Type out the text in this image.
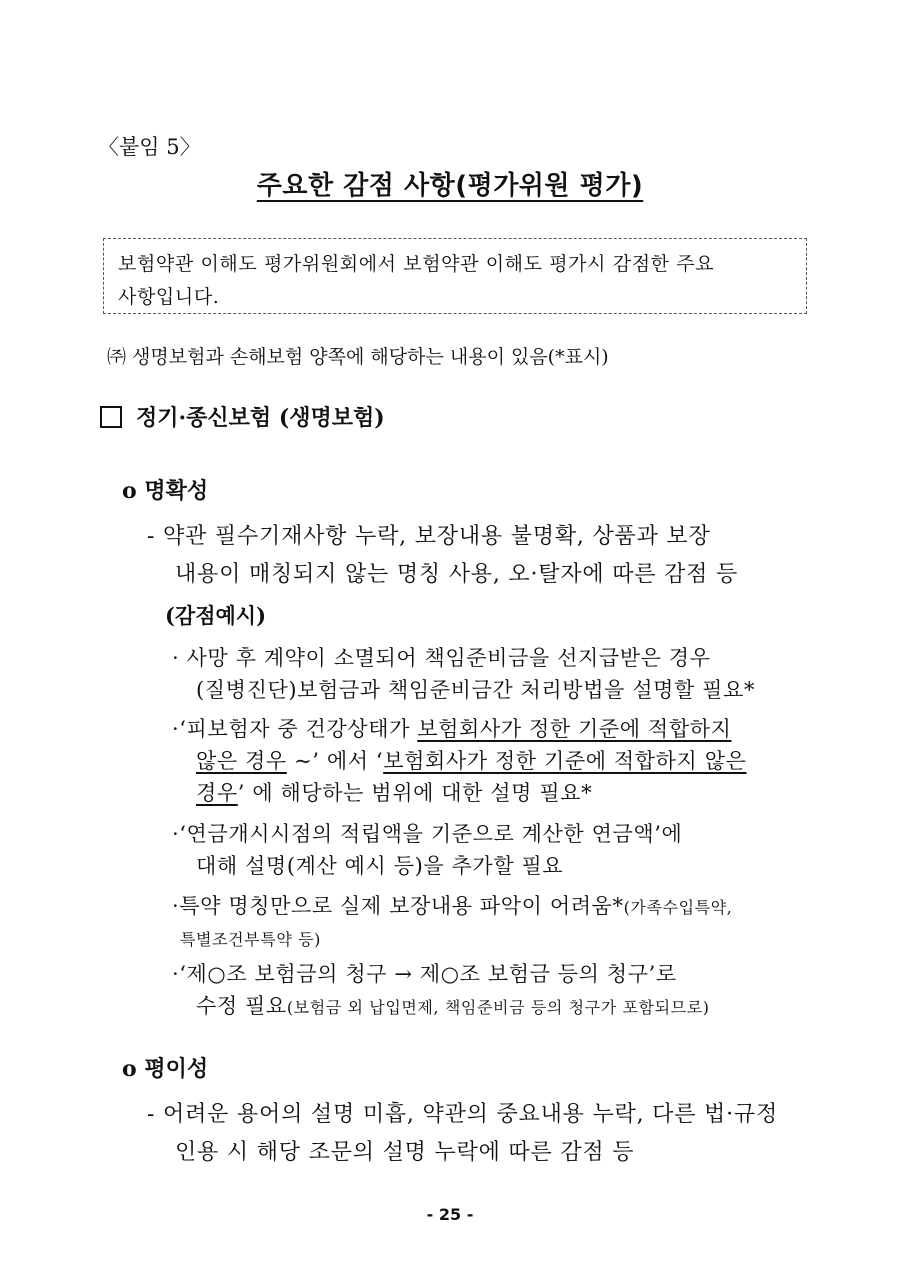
〈붙임 5〉
주요한 감점 사항(평가위원 평가)
보험약관 이해도 평가위원회에서 보험약관 이해도 평가시 감점한 주요
사항입니다.
㈜ 생명보험과 손해보험 양쪽에 해당하는 내용이 있음(*표시)
정기·종신보험 (생명보험)
o 명확성
- 약관 필수기재사항 누락, 보장내용 불명확, 상품과 보장
내용이 매칭되지 않는 명칭 사용, 오·탈자에 따른 감점 등
(감점예시)
· 사망 후 계약이 소멸되어 책임준비금을 선지급받은 경우
(질병진단)보험금과 책임준비금간 처리방법을 설명할 필요*
·‘피보험자 중 건강상태가 보험회사가 정한 기준에 적합하지
않은 경우 ~’ 에서 ‘보험회사가 정한 기준에 적합하지 않은
경우’ 에 해당하는 범위에 대한 설명 필요*
·‘연금개시시점의 적립액을 기준으로 계산한 연금액’에
대해 설명(계산 예시 등)을 추가할 필요
·특약 명칭만으로 실제 보장내용 파악이 어려움*(가족수입특약,
특별조건부특약 등)
·‘제○조 보험금의 청구 → 제○조 보험금 등의 청구’로
수정 필요(보험금 외 납입면제, 책임준비금 등의 청구가 포함되므로)
o 평이성
- 어려운 용어의 설명 미흡, 약관의 중요내용 누락, 다른 법·규정
인용 시 해당 조문의 설명 누락에 따른 감점 등
- 25 -
